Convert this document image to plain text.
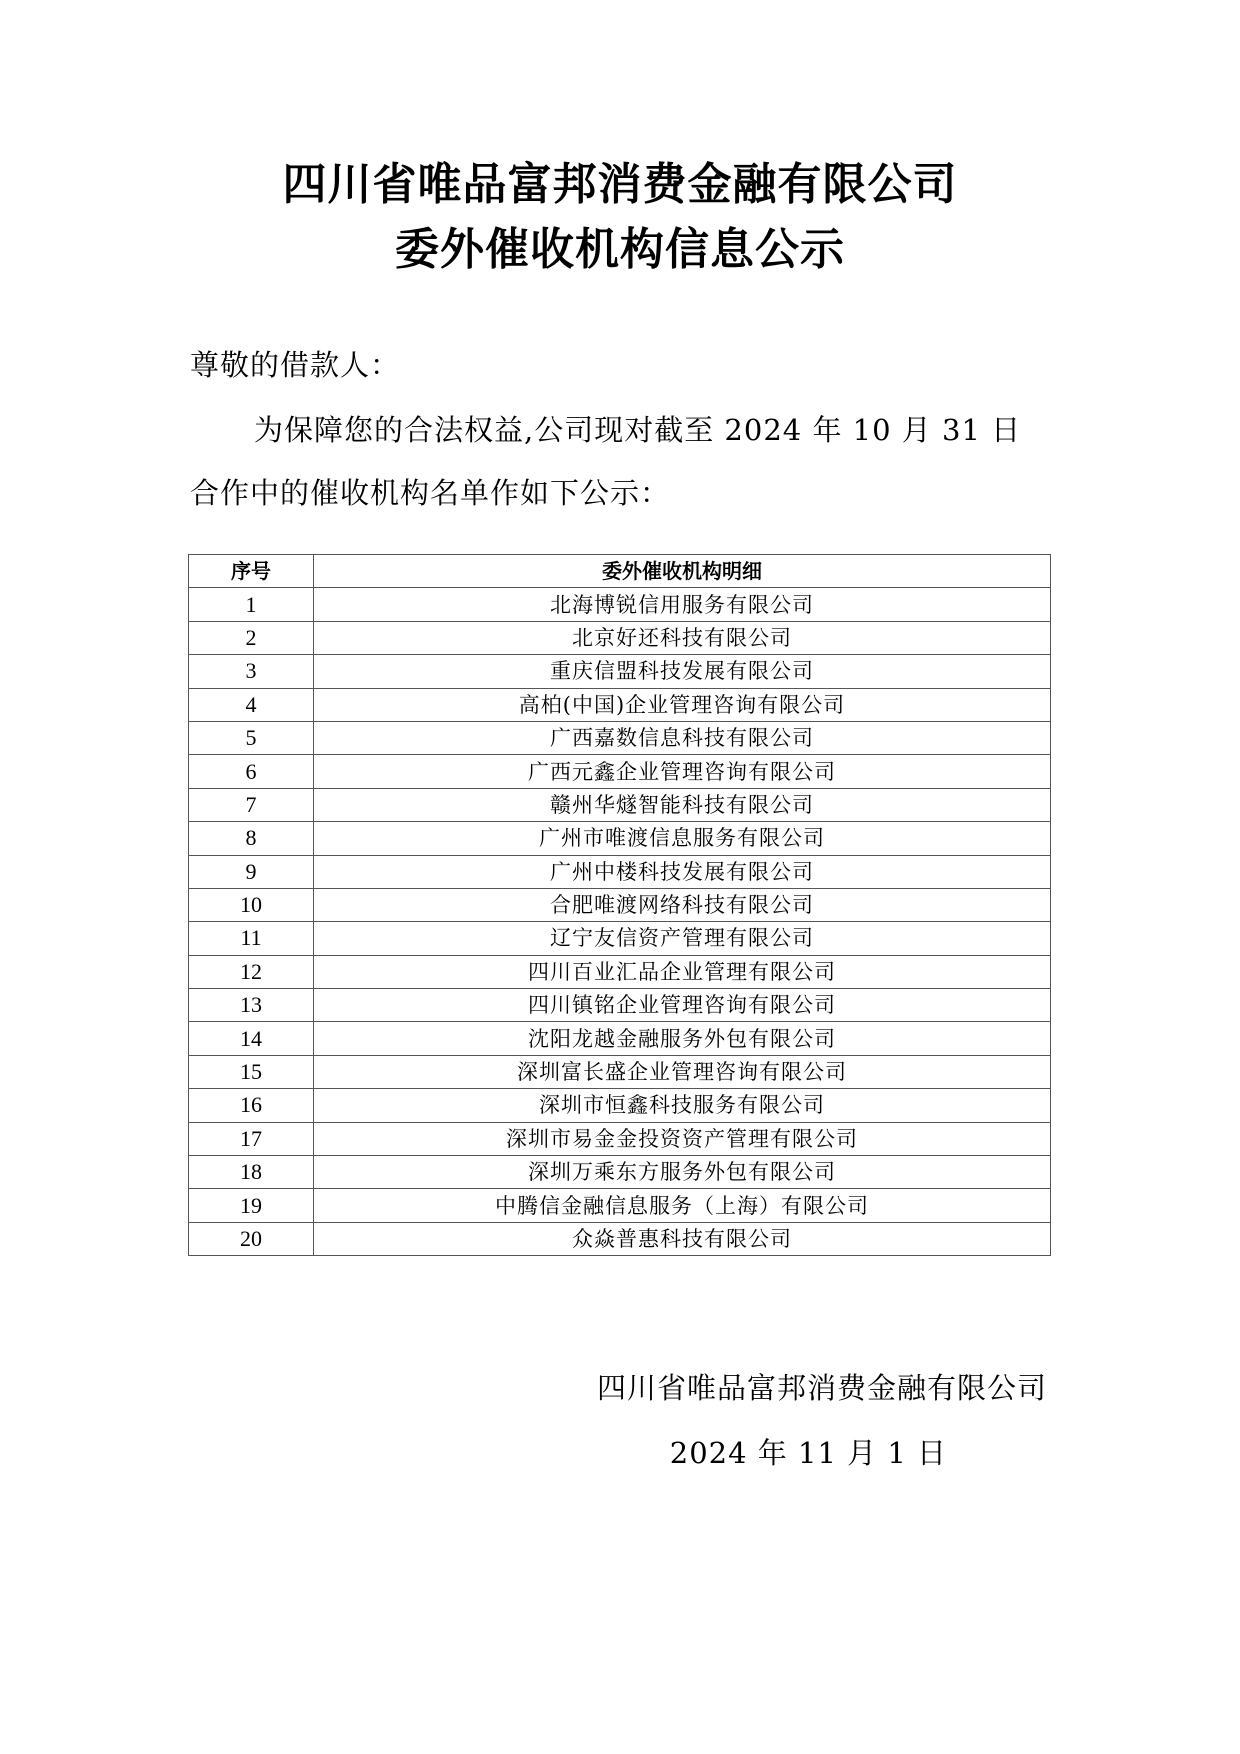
四川省唯品富邦消费金融有限公司
委外催收机构信息公示

尊敬的借款人：

为保障您的合法权益,公司现对截至 2024 年 10 月 31 日

合作中的催收机构名单作如下公示：

序号	委外催收机构明细
1	北海博锐信用服务有限公司
2	北京好还科技有限公司
3	重庆信盟科技发展有限公司
4	高柏(中国)企业管理咨询有限公司
5	广西嘉数信息科技有限公司
6	广西元鑫企业管理咨询有限公司
7	赣州华燧智能科技有限公司
8	广州市唯渡信息服务有限公司
9	广州中楼科技发展有限公司
10	合肥唯渡网络科技有限公司
11	辽宁友信资产管理有限公司
12	四川百业汇品企业管理有限公司
13	四川镇铭企业管理咨询有限公司
14	沈阳龙越金融服务外包有限公司
15	深圳富长盛企业管理咨询有限公司
16	深圳市恒鑫科技服务有限公司
17	深圳市易金金投资资产管理有限公司
18	深圳万乘东方服务外包有限公司
19	中腾信金融信息服务（上海）有限公司
20	众焱普惠科技有限公司

四川省唯品富邦消费金融有限公司

2024 年 11 月 1 日
